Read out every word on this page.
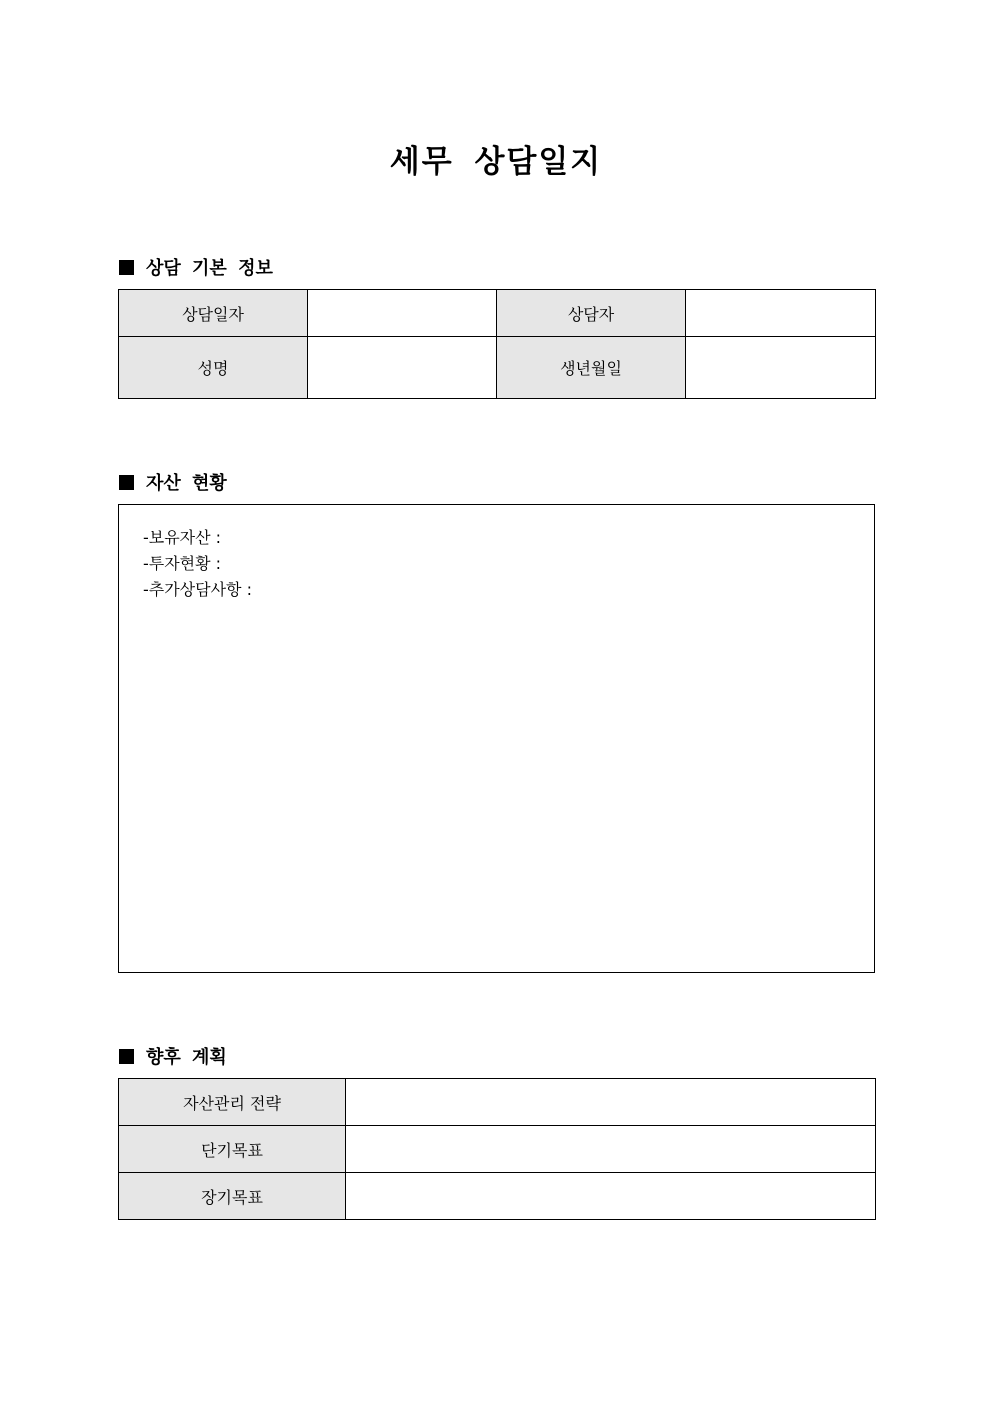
세무 상담일지
상담 기본 정보
상담일자		상담자	
성명		생년월일	
자산 현황
-보유자산 :
-투자현황 :
-추가상담사항 :
향후 계획
자산관리 전략	
단기목표	
장기목표	
